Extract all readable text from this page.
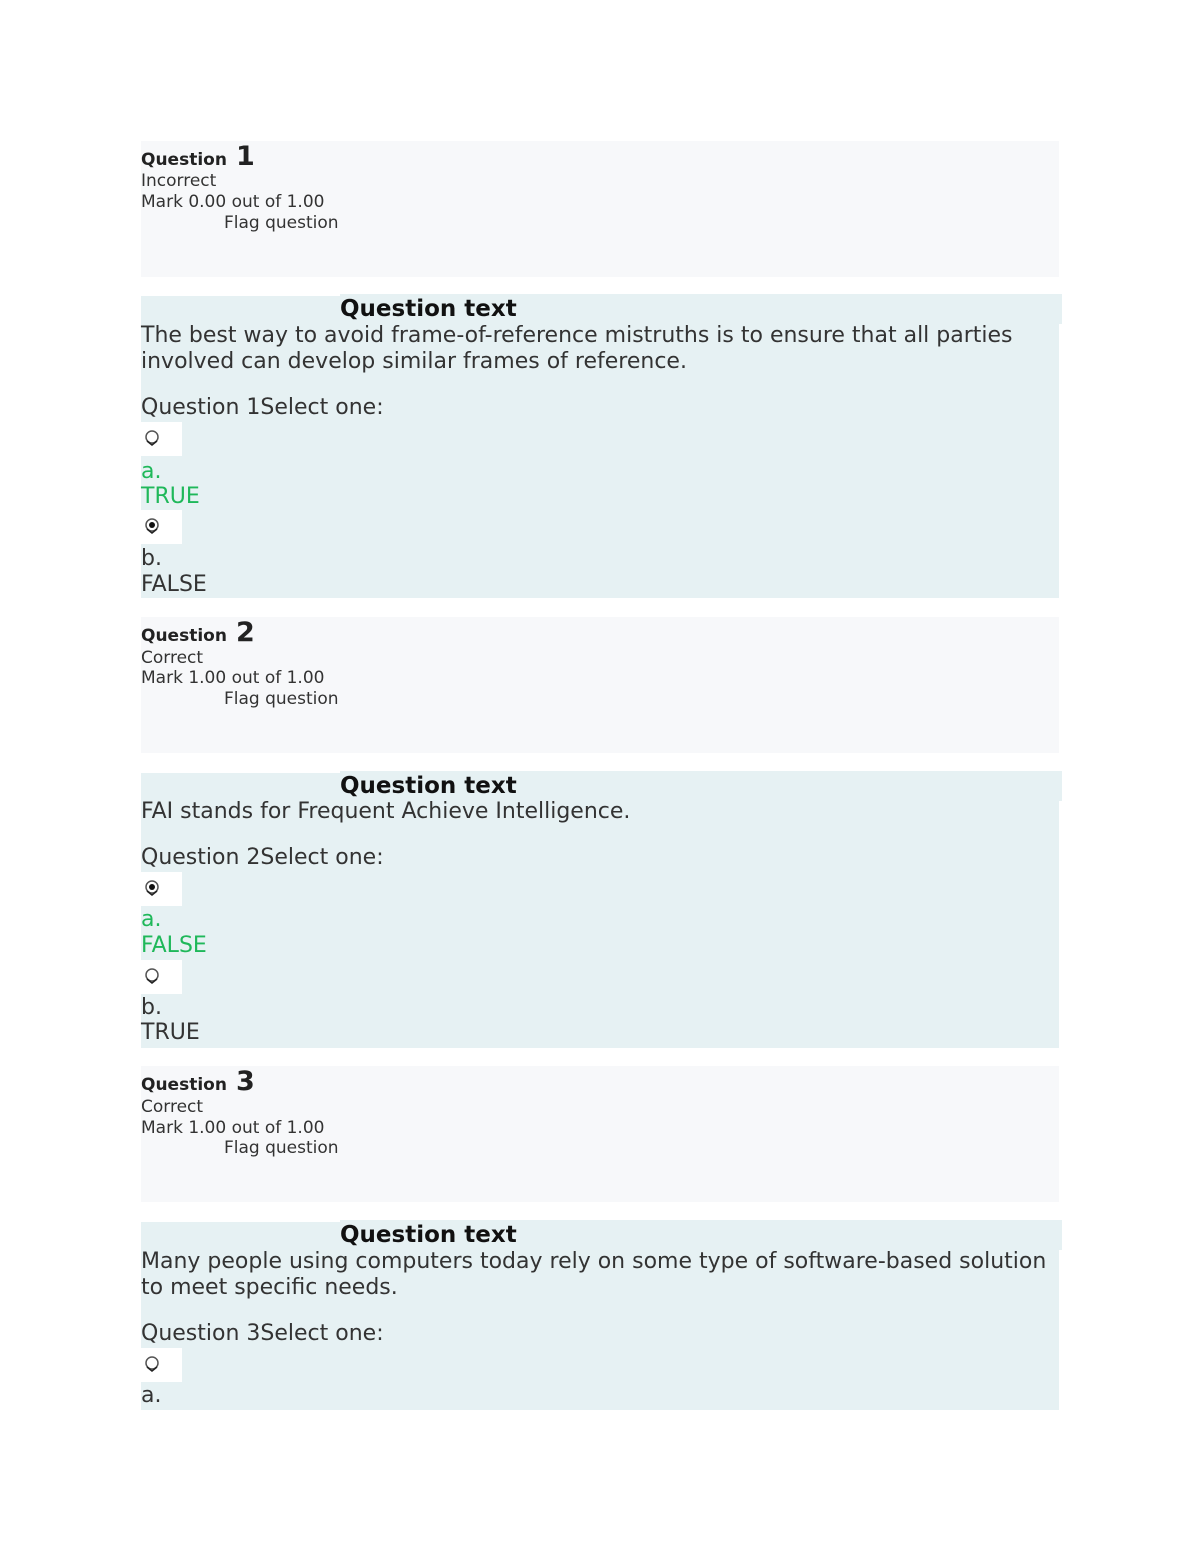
Question 1
Incorrect
Mark 0.00 out of 1.00
Flag question
Question text
The best way to avoid frame-of-reference mistruths is to ensure that all parties involved can develop similar frames of reference.
Question 1Select one:
a.
TRUE
b.
FALSE
Question 2
Correct
Mark 1.00 out of 1.00
Flag question
Question text
FAI stands for Frequent Achieve Intelligence.
Question 2Select one:
a.
FALSE
b.
TRUE
Question 3
Correct
Mark 1.00 out of 1.00
Flag question
Question text
Many people using computers today rely on some type of software-based solution to meet specific needs.
Question 3Select one:
a.
